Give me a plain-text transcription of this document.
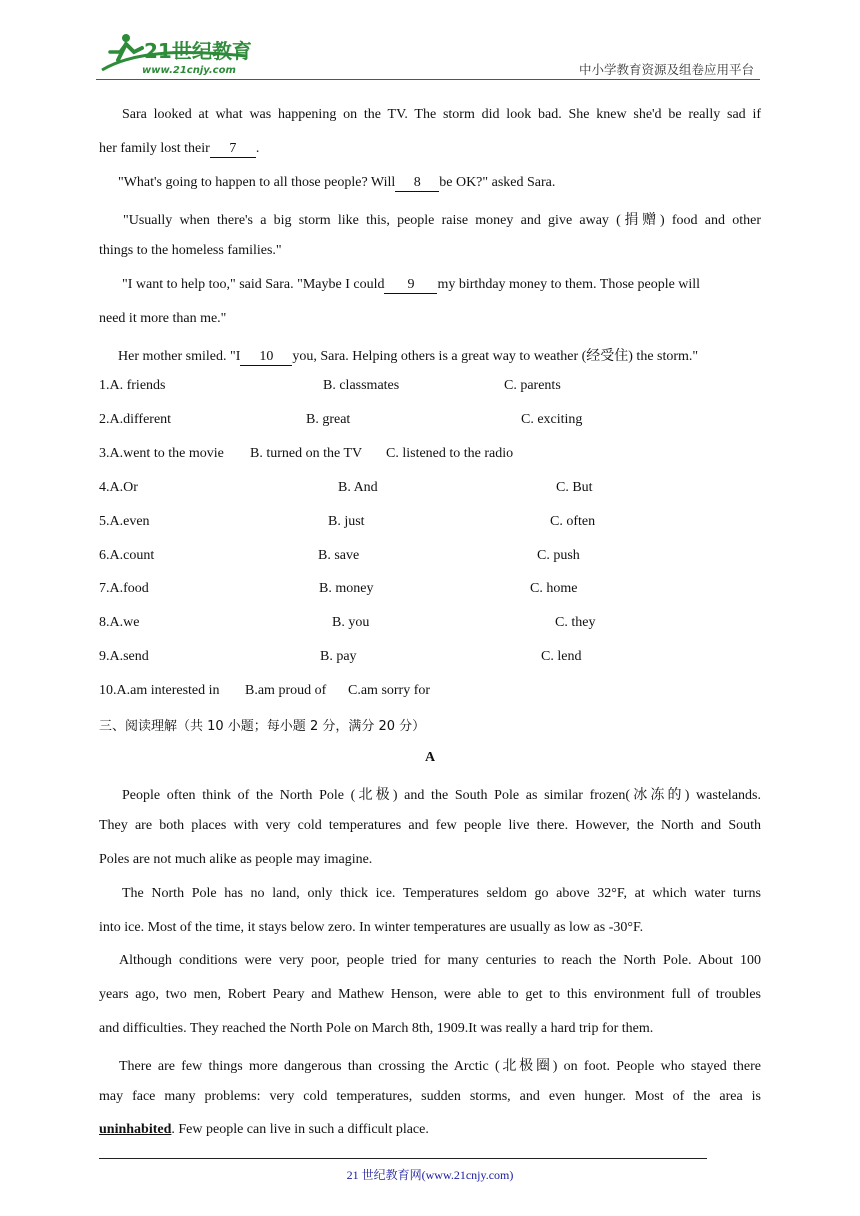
21世纪教育
www.21cnjy.com	中小学教育资源及组卷应用平台
Sara looked at what was happening on the TV. The storm did look bad. She knew she'd be really sad if
her family lost their 7 .
"What's going to happen to all those people? Will 8 be OK?" asked Sara.
"Usually when there's a big storm like this, people raise money and give away (捐赠) food and other
things to the homeless families."
"I want to help too," said Sara. "Maybe I could 9 my birthday money to them. Those people will
need it more than me."
Her mother smiled. "I 10 you, Sara. Helping others is a great way to weather (经受住) the storm."
1.A. friends	B. classmates	C. parents
2.A.different	B. great	C. exciting
3.A.went to the movie B. turned on the TV C. listened to the radio
4.A.Or	B. And	C. But
5.A.even	B. just	C. often
6.A.count	B. save	C. push
7.A.food	B. money	C. home
8.A.we	B. you	C. they
9.A.send	B. pay	C. lend
10.A.am interested in B.am proud of C.am sorry for
三、阅读理解（共 10 小题；每小题 2 分，满分 20 分）
A
People often think of the North Pole (北极) and the South Pole as similar frozen(冰冻的) wastelands.
They are both places with very cold temperatures and few people live there. However, the North and South
Poles are not much alike as people may imagine.
The North Pole has no land, only thick ice. Temperatures seldom go above 32°F, at which water turns
into ice. Most of the time, it stays below zero. In winter temperatures are usually as low as -30°F.
Although conditions were very poor, people tried for many centuries to reach the North Pole. About 100
years ago, two men, Robert Peary and Mathew Henson, were able to get to this environment full of troubles
and difficulties. They reached the North Pole on March 8th, 1909.It was really a hard trip for them.
There are few things more dangerous than crossing the Arctic (北极圈) on foot. People who stayed there
may face many problems: very cold temperatures, sudden storms, and even hunger. Most of the area is
uninhabited. Few people can live in such a difficult place.
21 世纪教育网(www.21cnjy.com)
